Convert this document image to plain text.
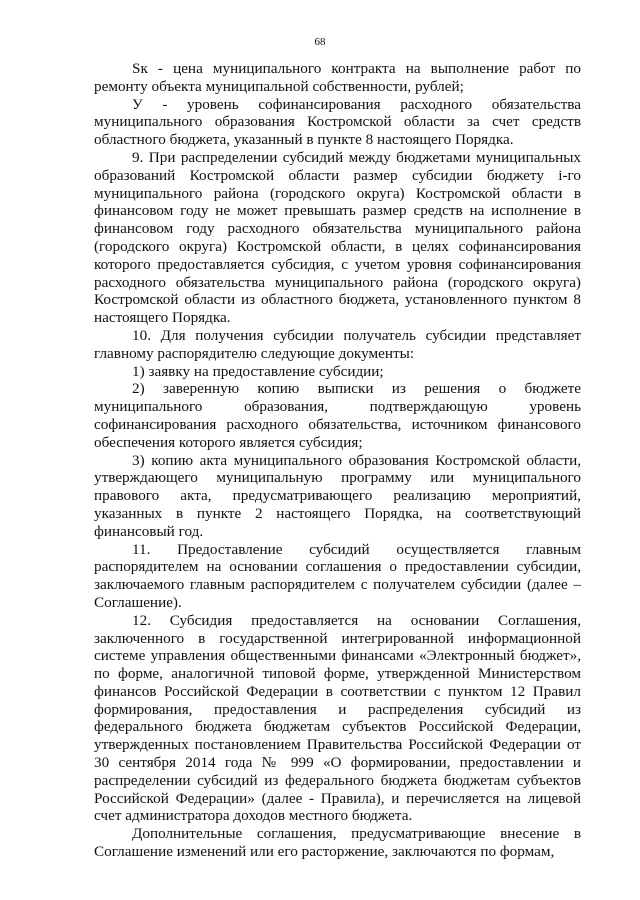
68

Sк - цена муниципального контракта на выполнение работ по ремонту объекта муниципальной собственности, рублей;

У - уровень софинансирования расходного обязательства муниципального образования Костромской области за счет средств областного бюджета, указанный в пункте 8 настоящего Порядка.

9. При распределении субсидий между бюджетами муниципальных образований Костромской области размер субсидии бюджету i-го муниципального района (городского округа) Костромской области в финансовом году не может превышать размер средств на исполнение в финансовом году расходного обязательства муниципального района (городского округа) Костромской области, в целях софинансирования которого предоставляется субсидия, с учетом уровня софинансирования расходного обязательства муниципального района (городского округа) Костромской области из областного бюджета, установленного пунктом 8 настоящего Порядка.

10. Для получения субсидии получатель субсидии представляет главному распорядителю следующие документы:

1) заявку на предоставление субсидии;

2) заверенную копию выписки из решения о бюджете муниципального образования, подтверждающую уровень софинансирования расходного обязательства, источником финансового обеспечения которого является субсидия;

3) копию акта муниципального образования Костромской области, утверждающего муниципальную программу или муниципального правового акта, предусматривающего реализацию мероприятий, указанных в пункте 2 настоящего Порядка, на соответствующий финансовый год.

11. Предоставление субсидий осуществляется главным распорядителем на основании соглашения о предоставлении субсидии, заключаемого главным распорядителем с получателем субсидии (далее – Соглашение).

12. Субсидия предоставляется на основании Соглашения, заключенного в государственной интегрированной информационной системе управления общественными финансами «Электронный бюджет», по форме, аналогичной типовой форме, утвержденной Министерством финансов Российской Федерации в соответствии с пунктом 12 Правил формирования, предоставления и распределения субсидий из федерального бюджета бюджетам субъектов Российской Федерации, утвержденных постановлением Правительства Российской Федерации от 30 сентября 2014 года № 999 «О формировании, предоставлении и распределении субсидий из федерального бюджета бюджетам субъектов Российской Федерации» (далее - Правила), и перечисляется на лицевой счет администратора доходов местного бюджета.

Дополнительные соглашения, предусматривающие внесение в Соглашение изменений или его расторжение, заключаются по формам,
